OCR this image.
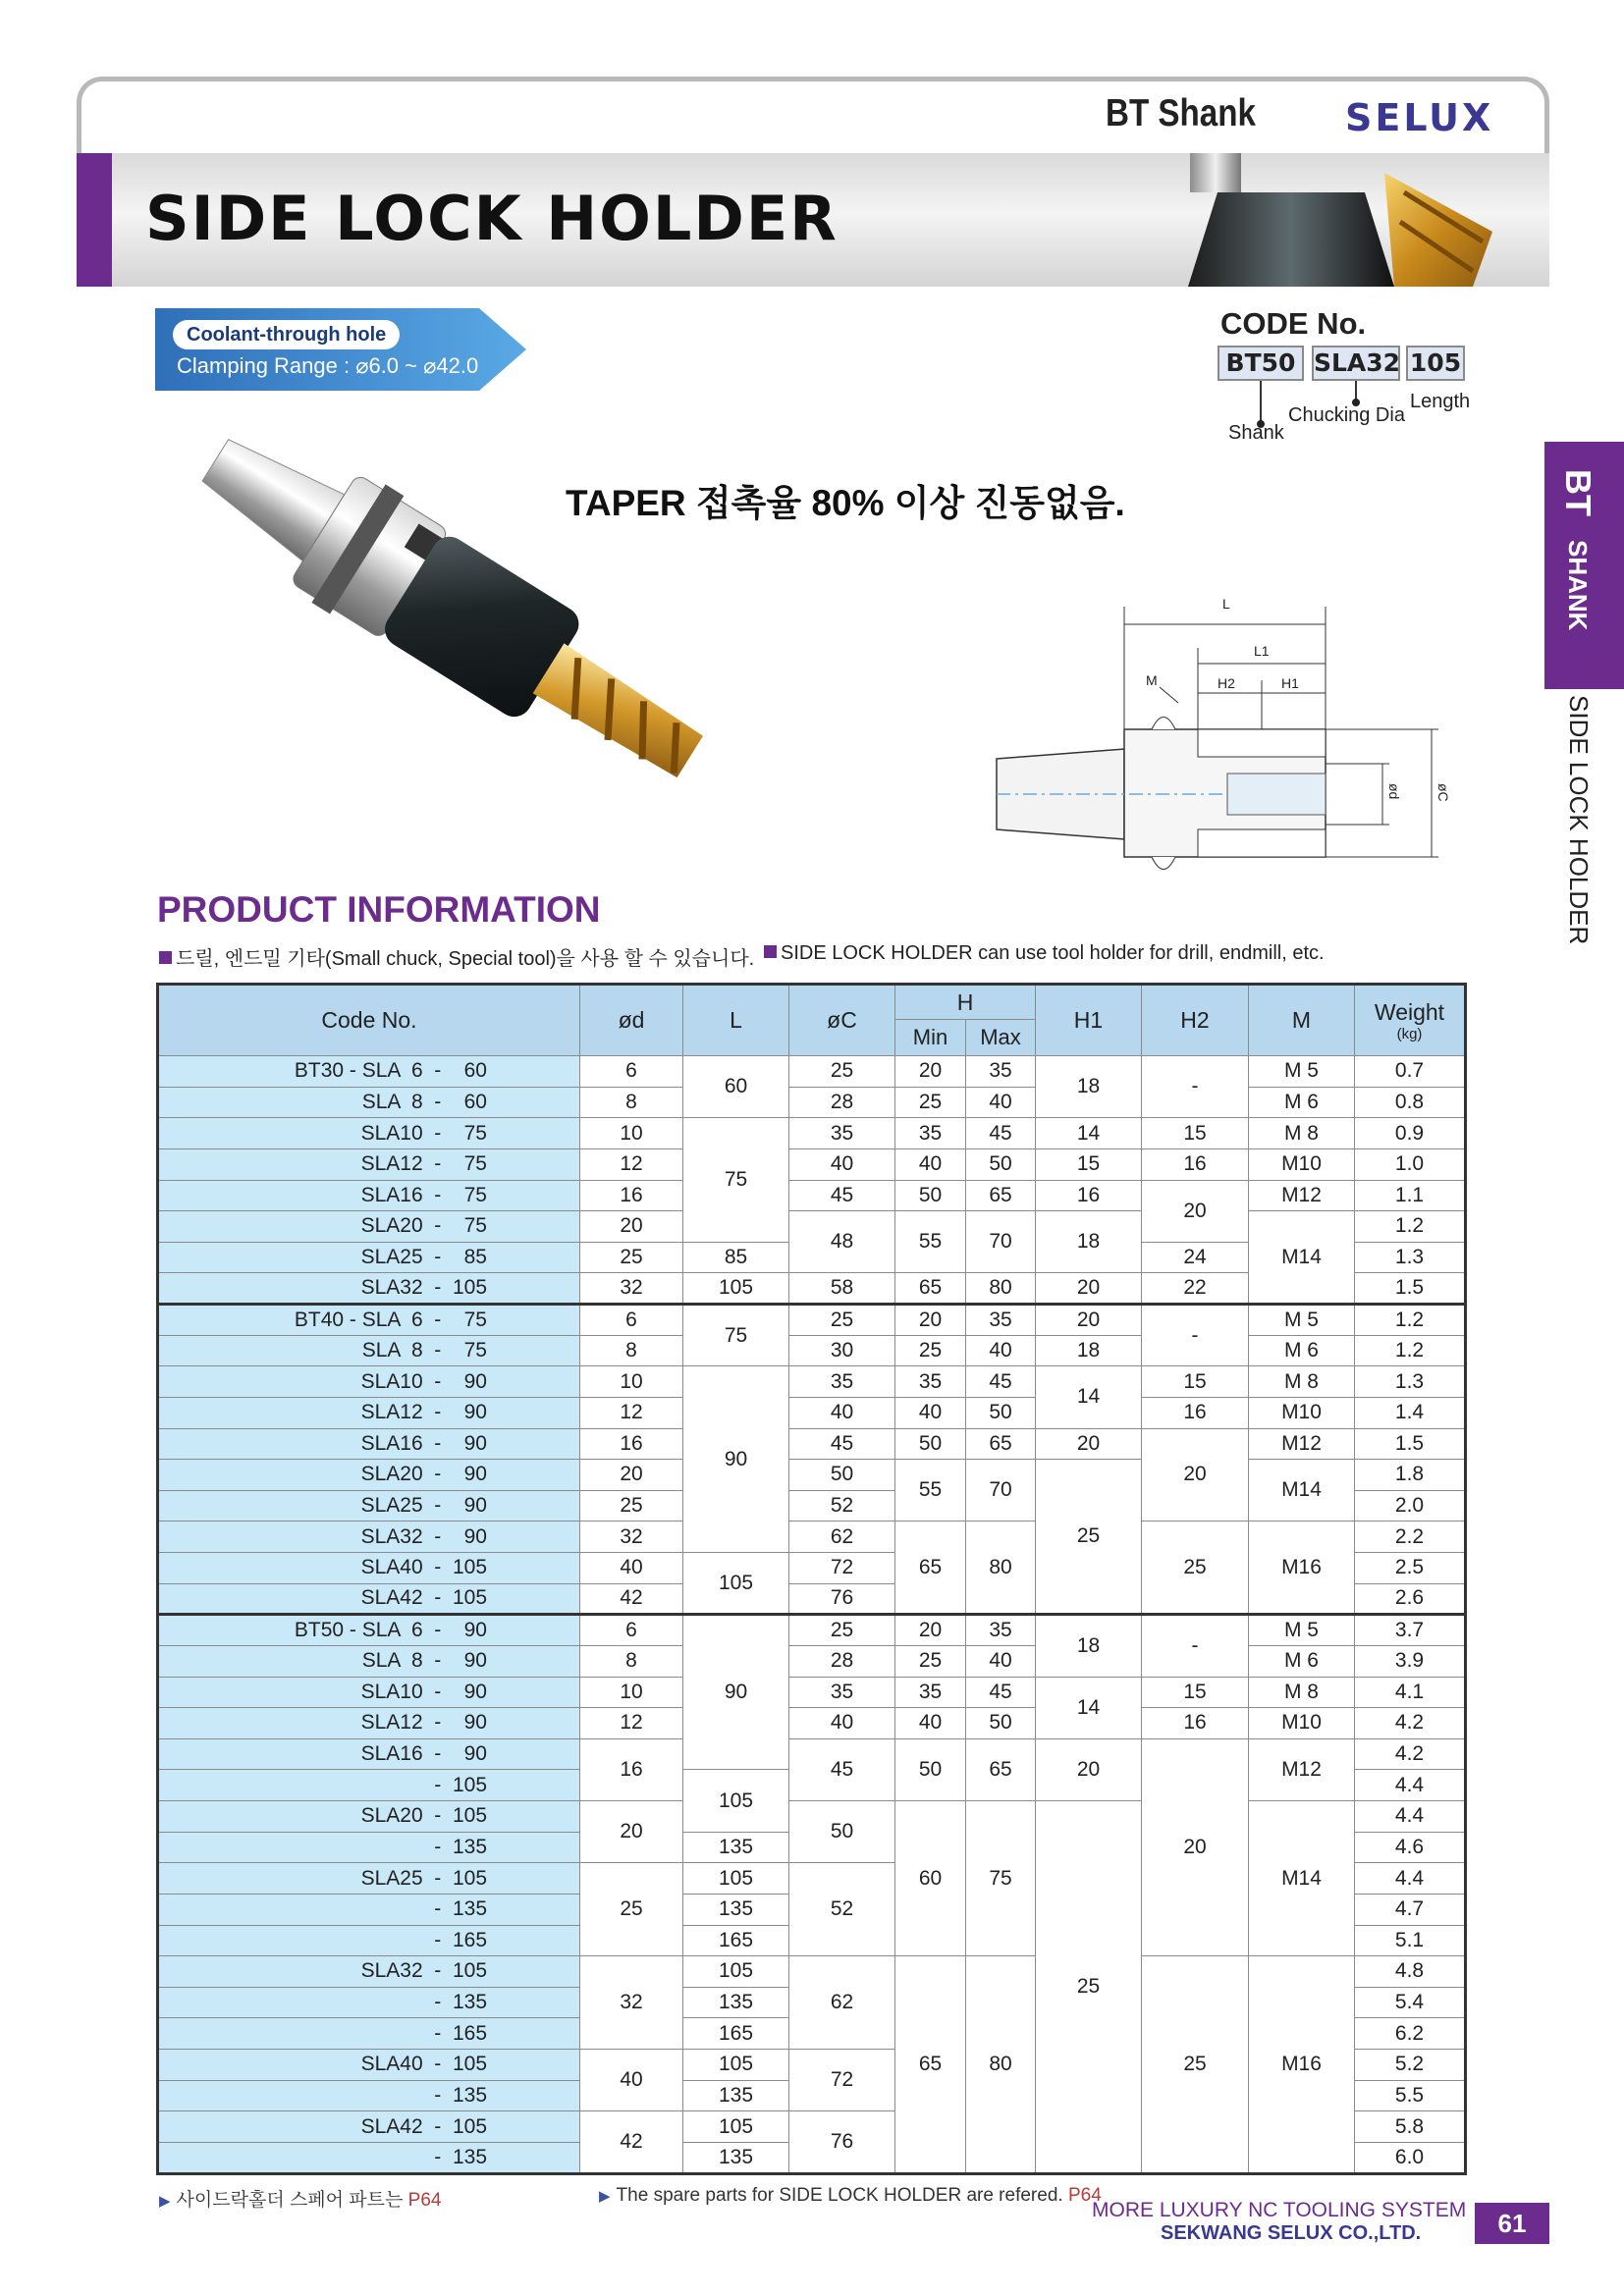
BT Shank SELUX
SIDE LOCK HOLDER
BT SHANK
SIDE LOCK HOLDER
Coolant-through hole
Clamping Range : ⌀6.0 ~ ⌀42.0
CODE No.
BT50 SLA32 105
Shank
Chucking Dia
Length
TAPER 접촉율 80% 이상 진동없음.
L
L1
H2	H1
M
ød øC
PRODUCT INFORMATION
드릴, 엔드밀 기타(Small chuck, Special tool)을 사용 할 수 있습니다.	SIDE LOCK HOLDER can use tool holder for drill, endmill, etc.
Code No.	ød	L	øC	H		H1	H2	M	Weight
(kg)

				Min	Max				
BT30 - SLA  6  -    60	6	60	25	20	35	18	-	M 5	0.7
SLA  8  -    60	8		28	25	40			M 6	0.8
SLA10  -    75	10	75	35	35	45	14	15	M 8	0.9
SLA12  -    75	12		40	40	50	15	16	M10	1.0
SLA16  -    75	16		45	50	65	16	20	M12	1.1
SLA20  -    75	20		48	55	70	18		M14	1.2
SLA25  -    85	25	85					24		1.3
SLA32  -  105	32	105	58	65	80	20	22		1.5
BT40 - SLA  6  -    75	6	75	25	20	35	20	-	M 5	1.2
SLA  8  -    75	8		30	25	40	18		M 6	1.2
SLA10  -    90	10	90	35	35	45	14	15	M 8	1.3
SLA12  -    90	12		40	40	50		16	M10	1.4
SLA16  -    90	16		45	50	65	20	20	M12	1.5
SLA20  -    90	20		50	55	70	25		M14	1.8
SLA25  -    90	25		52						2.0
SLA32  -    90	32		62	65	80		25	M16	2.2
SLA40  -  105	40	105	72						2.5
SLA42  -  105	42		76						2.6
BT50 - SLA  6  -    90	6	90	25	20	35	18	-	M 5	3.7
SLA  8  -    90	8		28	25	40			M 6	3.9
SLA10  -    90	10		35	35	45	14	15	M 8	4.1
SLA12  -    90	12		40	40	50		16	M10	4.2
SLA16  -    90	16		45	50	65	20	20	M12	4.2
-  105		105							4.4
SLA20  -  105	20		50	60	75	25		M14	4.4
-  135		135							4.6
SLA25  -  105	25	105	52						4.4
-  135		135							4.7
-  165		165							5.1
SLA32  -  105	32	105	62	65	80		25	M16	4.8
-  135		135							5.4
-  165		165							6.2
SLA40  -  105	40	105	72						5.2
-  135		135							5.5
SLA42  -  105	42	105	76						5.8
-  135		135							6.0
▶ 사이드락홀더 스페어 파트는 P64	▶ The spare parts for SIDE LOCK HOLDER are refered. P64
MORE LUXURY NC TOOLING SYSTEM
SEKWANG SELUX CO.,LTD.	61
